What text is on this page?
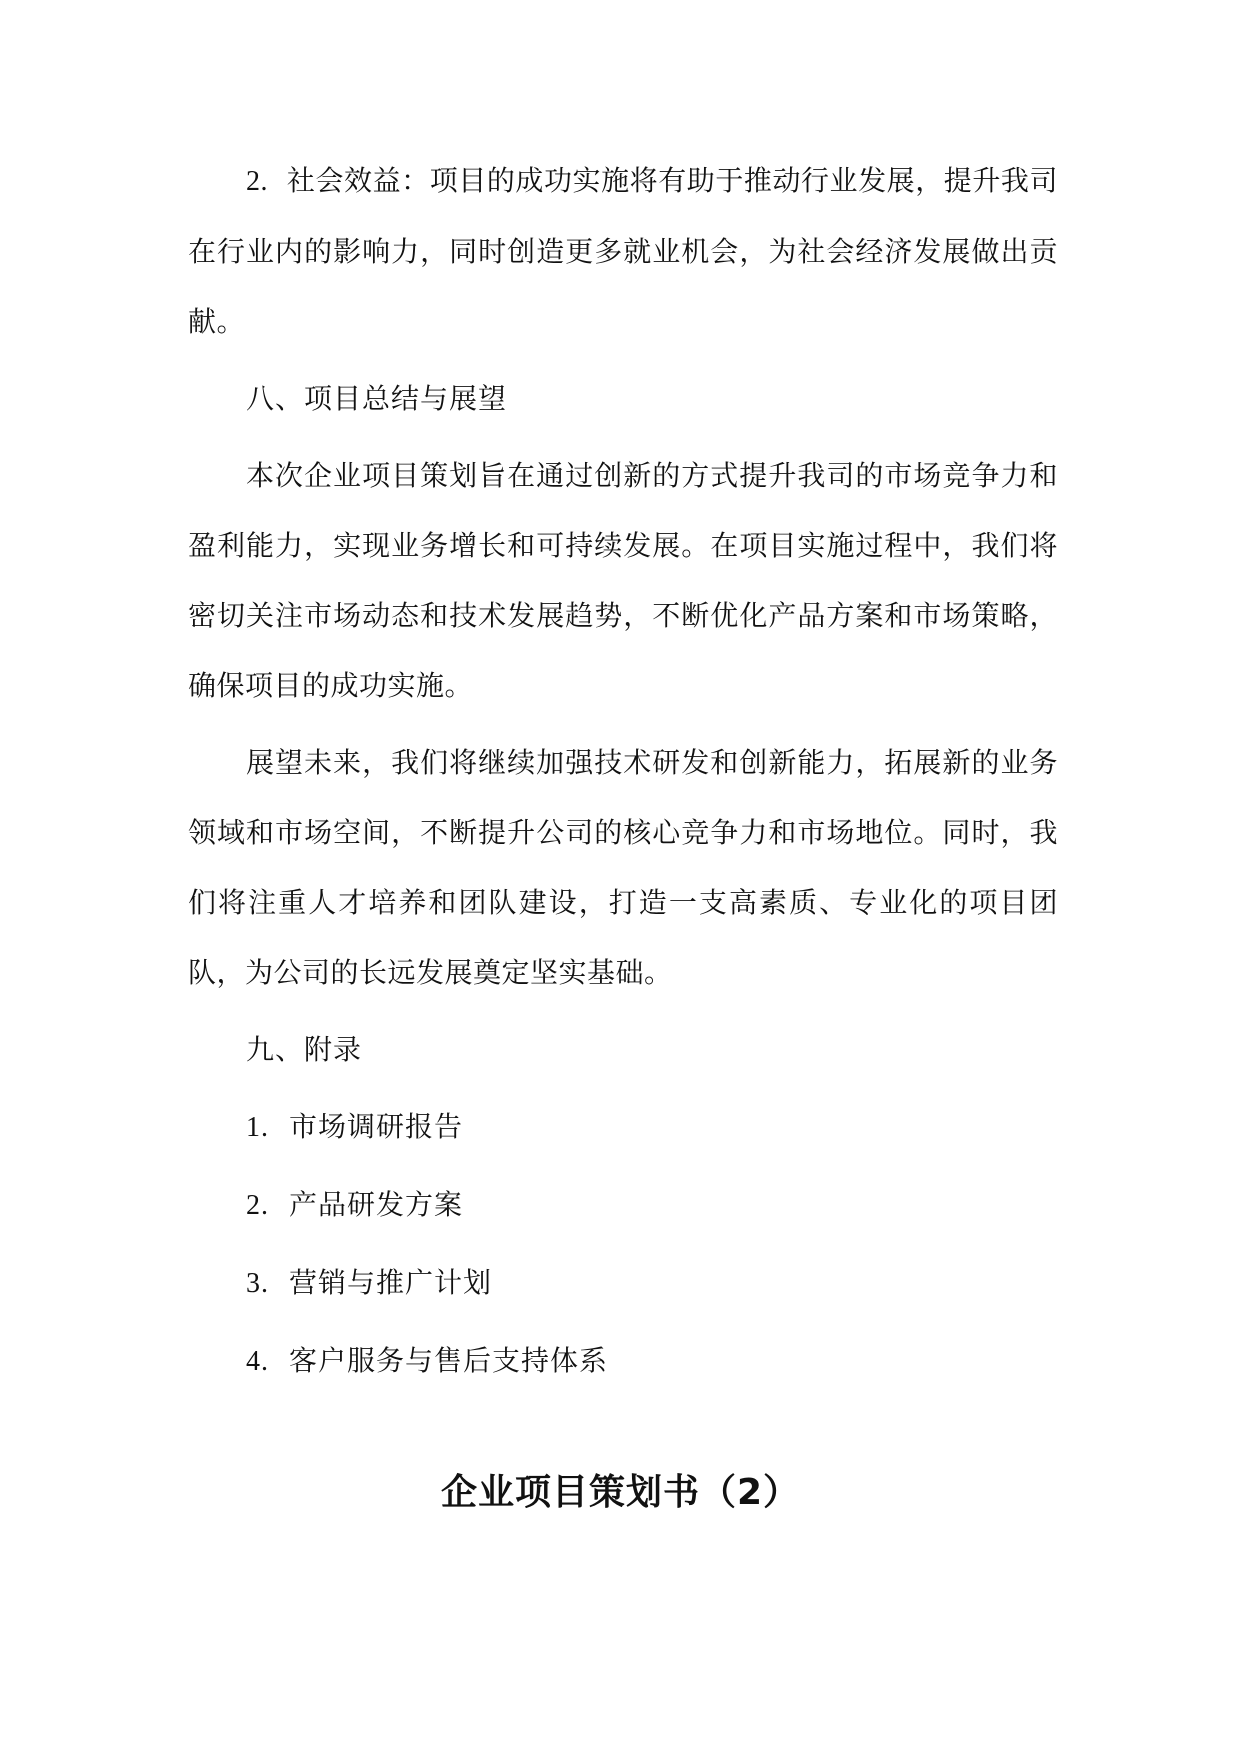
2. 社会效益：项目的成功实施将有助于推动行业发展，提升我司在行业内的影响力，同时创造更多就业机会，为社会经济发展做出贡献。

八、项目总结与展望

本次企业项目策划旨在通过创新的方式提升我司的市场竞争力和盈利能力，实现业务增长和可持续发展。在项目实施过程中，我们将密切关注市场动态和技术发展趋势，不断优化产品方案和市场策略，确保项目的成功实施。

展望未来，我们将继续加强技术研发和创新能力，拓展新的业务领域和市场空间，不断提升公司的核心竞争力和市场地位。同时，我们将注重人才培养和团队建设，打造一支高素质、专业化的项目团队，为公司的长远发展奠定坚实基础。

九、附录

1. 市场调研报告

2. 产品研发方案

3. 营销与推广计划

4. 客户服务与售后支持体系

企业项目策划书（2）
